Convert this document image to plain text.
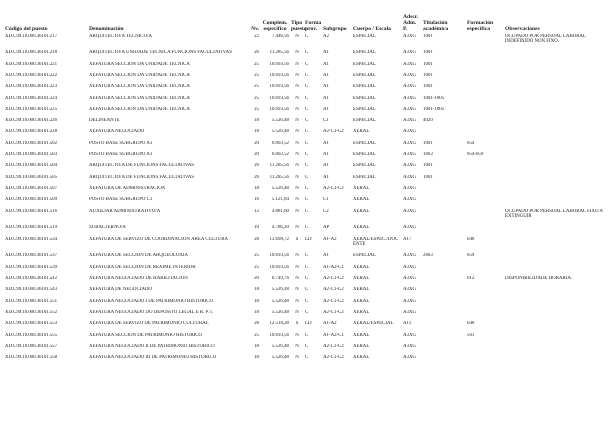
Código del puesto	Denominación	Nv.	Complem. específico	Tipo
puesto	Forma
prov.	Subgrupo	Cuerpo / Escala	Adscr.
Adm. P.	Titulación
académica	Formación
específica	Observaciones
XD.C99.10.000.36101.217	ARQUITECTO/A TÉCNICO/A	22	7.448,56	N	C	A2	ESPECIAL	A3XG	1001		OCUPADO POR PERSOAL LABORAL INDEFINIDO NON FIXO.
XD.C99.10.000.36101.218	ARQUITECTO/A UNIDADE TÉCNICA FUNCIÓNS FACULTATIVAS	26	11.285,56	N	C	A1	ESPECIAL	A3XG	1001		
XD.C99.10.000.36101.221	XEFATURA SECCIÓN DA UNIDADE TÉCNICA	25	10.693,56	N	C	A1	ESPECIAL	A3XG	1001		
XD.C99.10.000.36101.222	XEFATURA SECCIÓN DA UNIDADE TÉCNICA	25	10.693,56	N	C	A1	ESPECIAL	A3XG	1001		
XD.C99.10.000.36101.223	XEFATURA SECCIÓN DA UNIDADE TÉCNICA	25	10.693,56	N	C	A1	ESPECIAL	A3XG	1001		
XD.C99.10.000.36101.224	XEFATURA SECCIÓN DA UNIDADE TÉCNICA	25	10.693,56	N	C	A1	ESPECIAL	A3XG	1001-1005		
XD.C99.10.000.36101.225	XEFATURA SECCIÓN DA UNIDADE TÉCNICA	25	10.693,56	N	C	A1	ESPECIAL	A3XG	1001-1005		
XD.C99.10.000.36101.226	DELINEANTE	18	5.526,48	N	C	C1	ESPECIAL	A3XG	4020		
XD.C99.10.000.36101.228	XEFATURA NEGOCIADO	18	5.526,48	N	C	A2-C1-C2	XERAL	A3XG			
XD.C99.10.000.36101.502	POSTO BASE SUBGRUPO A1	20	6.003,52	N	C	A1	ESPECIAL	A3XG	1001	054	
XD.C99.10.000.36101.503	POSTO BASE SUBGRUPO A1	20	6.003,52	N	C	A1	ESPECIAL	A3XG	1663	054-059	
XD.C99.10.000.36101.504	ARQUITECTO/A DE FUNCIÓNS FACULTATIVAS	26	11.285,56	N	C	A1	ESPECIAL	A3XG	1001		
XD.C99.10.000.36101.505	ARQUITECTO/A DE FUNCIÓNS FACULTATIVAS	26	11.285,56	N	C	A1	ESPECIAL	A3XG	1001		
XD.C99.10.000.36101.507	XEFATURA DE ADMINISTRACIÓN	18	5.526,48	N	C	A2-C1-C2	XERAL	A3XG			
XD.C99.10.000.36101.509	POSTO BASE SUBGRUPO C1	16	5.121,84	N	C	C1	XERAL	A3XG			
XD.C99.10.000.36101.516	AUXILIAR ADMINISTRATIVO/A	12	4.881,60	N	C	C2	XERAL	A3XG			OCUPADO POR PERSOAL LABORAL FIXO A EXTINGUIR
XD.C99.10.000.36101.519	SUBALTERNO/A	10	4.786,20	N	C	AP	XERAL	A3XG			
XD.C99.10.000.36101.534	XEFATURA DE SERVIZO DE COORDINACIÓN ÁREA CULTURA	28	13.698,72	S	LD	A1-A2	XERAL/ESPEC./DOC ENTE	A17		640	
XD.C99.10.000.36101.537	XEFATURA DE SECCIÓN DE ARQUEOLOXÍA	25	10.693,56	N	C	A1	ESPECIAL	A3XG	2663	059	
XD.C99.10.000.36101.539	XEFATURA DE SECCIÓN DE RÉXIME INTERIOR	25	10.693,56	N	C	A1-A2-C1	XERAL	A3XG			
XD.C99.10.000.36101.542	XEFATURA NEGOCIADO DE HABILITACIÓN	20	6.749,76	N	C	A2-C1-C2	XERAL	A3XG		012	DISPONIBILIDADE HORARIA.
XD.C99.10.000.36101.543	XEFATURA DE NEGOCIADO	18	5.526,48	N	C	A2-C1-C2	XERAL	A3XG			
XD.C99.10.000.36101.551	XEFATURA NEGOCIADO I DE PATRIMONIO HISTÓRICO	18	5.526,48	N	C	A2-C1-C2	XERAL	A3XG			
XD.C99.10.000.36101.552	XEFATURA NEGOCIADO DO DEPÓSITO LEGAL E R. P. I.	18	5.526,48	N	C	A2-C1-C2	XERAL	A3XG			
XD.C99.10.000.36101.553	XEFATURA DE SERVIZO DE PATRIMONIO CULTURAL	28	12.518,28	S	LD	A1-A2	XERAL/ESPECIAL	A11		640	
XD.C99.10.000.36101.555	XEFATURA SECCIÓN DE PATRIMONIO HISTÓRICO	25	10.693,56	N	C	A1-A2-C1	XERAL	A3XG		501	
XD.C99.10.000.36101.557	XEFATURA NEGOCIADO II DE PATRIMONIO HISTÓRICO	18	5.526,48	N	C	A2-C1-C2	XERAL	A3XG			
XD.C99.10.000.36101.558	XEFATURA NEGOCIADO III DE PATRIMONIO HISTÓRICO	18	5.526,48	N	C	A2-C1-C2	XERAL	A3XG			
